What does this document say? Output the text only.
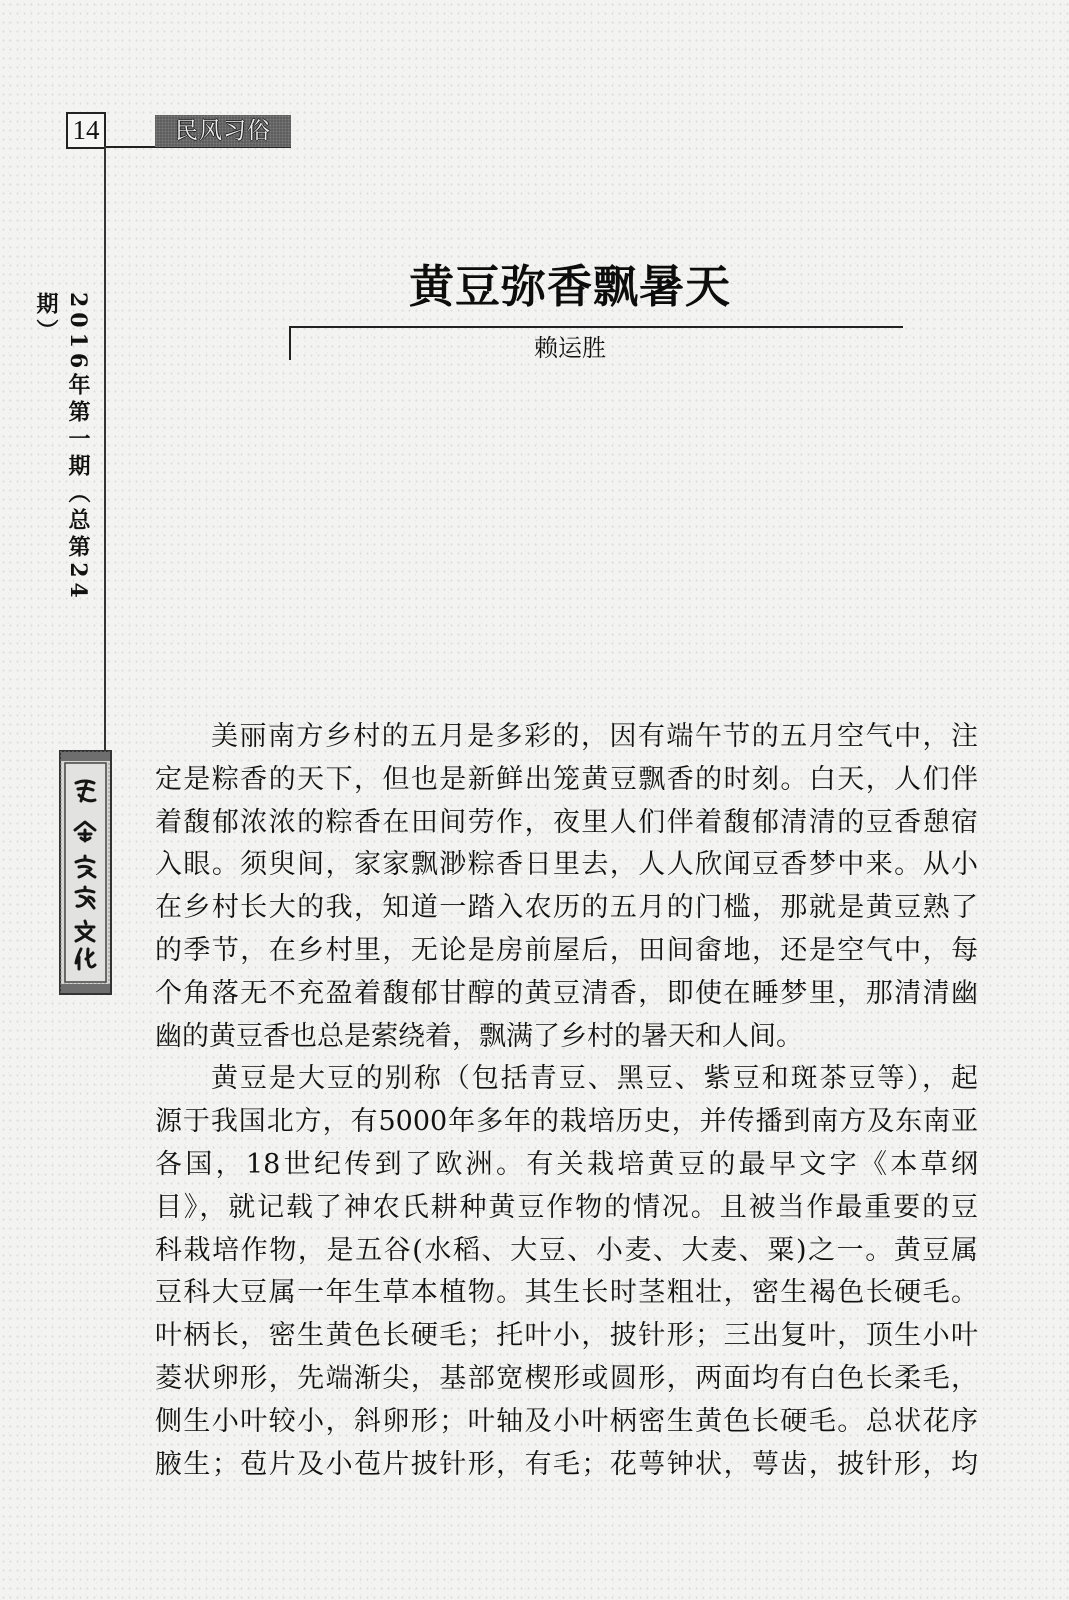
14	民风习俗
2016年第一期（总第24期）
黄豆弥香飘暑天
赖运胜
美丽南方乡村的五月是多彩的，因有端午节的五月空气中，注
定是粽香的天下，但也是新鲜出笼黄豆飘香的时刻。白天，人们伴
着馥郁浓浓的粽香在田间劳作，夜里人们伴着馥郁清清的豆香憩宿
入眼。须臾间，家家飘渺粽香日里去，人人欣闻豆香梦中来。从小
在乡村长大的我，知道一踏入农历的五月的门槛，那就是黄豆熟了
的季节，在乡村里，无论是房前屋后，田间畲地，还是空气中，每
个角落无不充盈着馥郁甘醇的黄豆清香，即使在睡梦里，那清清幽
幽的黄豆香也总是萦绕着，飘满了乡村的暑天和人间。
黄豆是大豆的别称（包括青豆、黑豆、紫豆和斑茶豆等），起
源于我国北方，有5000年多年的栽培历史，并传播到南方及东南亚
各国，18世纪传到了欧洲。有关栽培黄豆的最早文字《本草纲
目》，就记载了神农氏耕种黄豆作物的情况。且被当作最重要的豆
科栽培作物，是五谷(水稻、大豆、小麦、大麦、粟)之一。黄豆属
豆科大豆属一年生草本植物。其生长时茎粗壮，密生褐色长硬毛。
叶柄长，密生黄色长硬毛；托叶小，披针形；三出复叶，顶生小叶
菱状卵形，先端渐尖，基部宽楔形或圆形，两面均有白色长柔毛，
侧生小叶较小，斜卵形；叶轴及小叶柄密生黄色长硬毛。总状花序
腋生；苞片及小苞片披针形，有毛；花萼钟状，萼齿，披针形，均
